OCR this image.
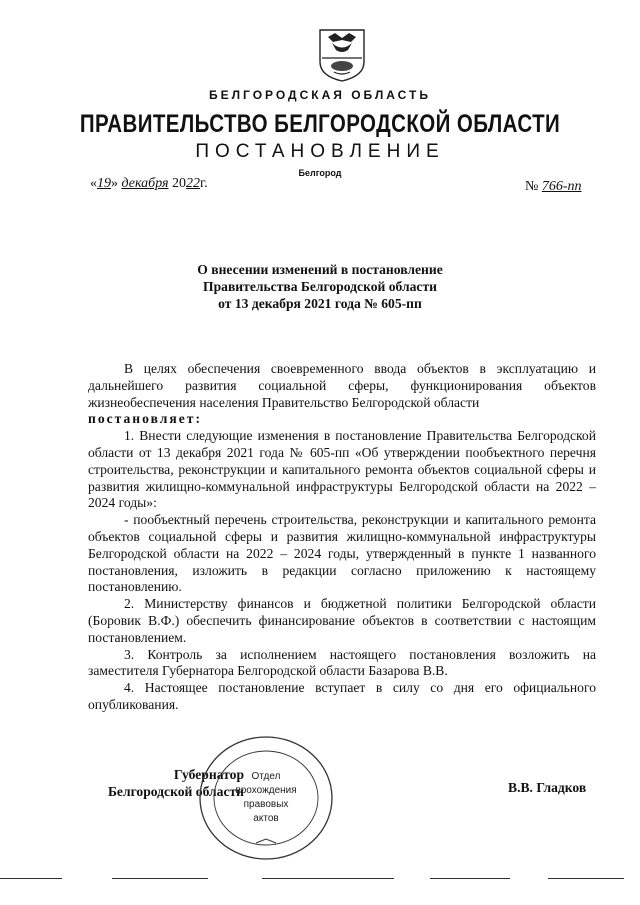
БЕЛГОРОДСКАЯ ОБЛАСТЬ
ПРАВИТЕЛЬСТВО БЕЛГОРОДСКОЙ ОБЛАСТИ
ПОСТАНОВЛЕНИЕ
Белгород
«19» декабря 2022г.	№ 766-пп
О внесении изменений в постановление
Правительства Белгородской области
от 13 декабря 2021 года № 605-пп

В целях обеспечения своевременного ввода объектов в эксплуатацию и дальнейшего развития социальной сферы, функционирования объектов жизнеобеспечения населения Правительство Белгородской области

постановляет:

1. Внести следующие изменения в постановление Правительства Белгородской области от 13 декабря 2021 года № 605-пп «Об утверждении пообъектного перечня строительства, реконструкции и капитального ремонта объектов социальной сферы и развития жилищно-коммунальной инфраструктуры Белгородской области на 2022 – 2024 годы»:

- пообъектный перечень строительства, реконструкции и капитального ремонта объектов социальной сферы и развития жилищно-коммунальной инфраструктуры Белгородской области на 2022 – 2024 годы, утвержденный в пункте 1 названного постановления, изложить в редакции согласно приложению к настоящему постановлению.

2. Министерству финансов и бюджетной политики Белгородской области (Боровик В.Ф.) обеспечить финансирование объектов в соответствии с настоящим постановлением.

3. Контроль за исполнением настоящего постановления возложить на заместителя Губернатора Белгородской области Базарова В.В.

4. Настоящее постановление вступает в силу со дня его официального опубликования.

Губернатор
Белгородской области	В.В. Гладков
Отдел
прохождения
правовых
актов
